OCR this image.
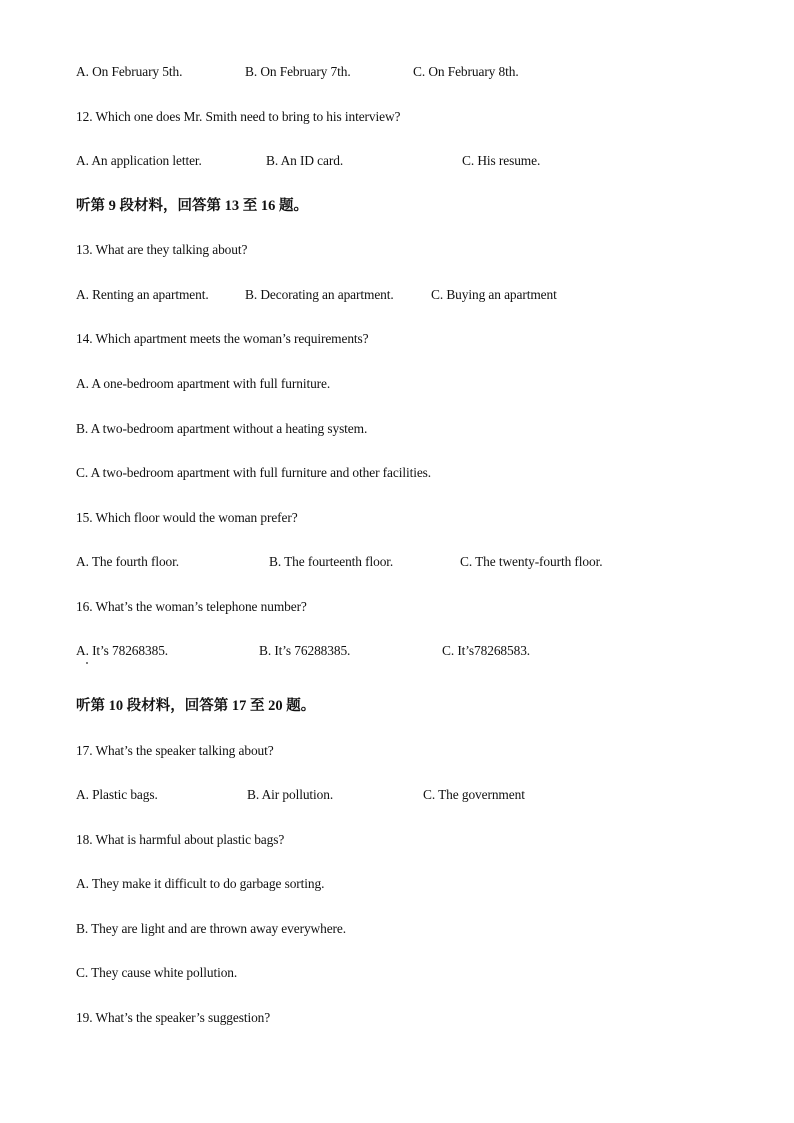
A. On February 5th.	B. On February 7th.	C. On February 8th.
12. Which one does Mr. Smith need to bring to his interview?
A. An application letter.	B. An ID card.	C. His resume.
听第 9 段材料，回答第 13 至 16 题。
13. What are they talking about?
A. Renting an apartment.	B. Decorating an apartment.	C. Buying an apartment
14. Which apartment meets the woman’s requirements?
A. A one-bedroom apartment with full furniture.
B. A two-bedroom apartment without a heating system.
C. A two-bedroom apartment with full furniture and other facilities.
15. Which floor would the woman prefer?
A. The fourth floor.	B. The fourteenth floor.	C. The twenty-fourth floor.
16. What’s the woman’s telephone number?
A. It’s 78268385.	B. It’s 76288385.	C. It’s78268583.
听第 10 段材料，回答第 17 至 20 题。
17. What’s the speaker talking about?
A. Plastic bags.	B. Air pollution.	C. The government
18. What is harmful about plastic bags?
A. They make it difficult to do garbage sorting.
B. They are light and are thrown away everywhere.
C. They cause white pollution.
19. What’s the speaker’s suggestion?
